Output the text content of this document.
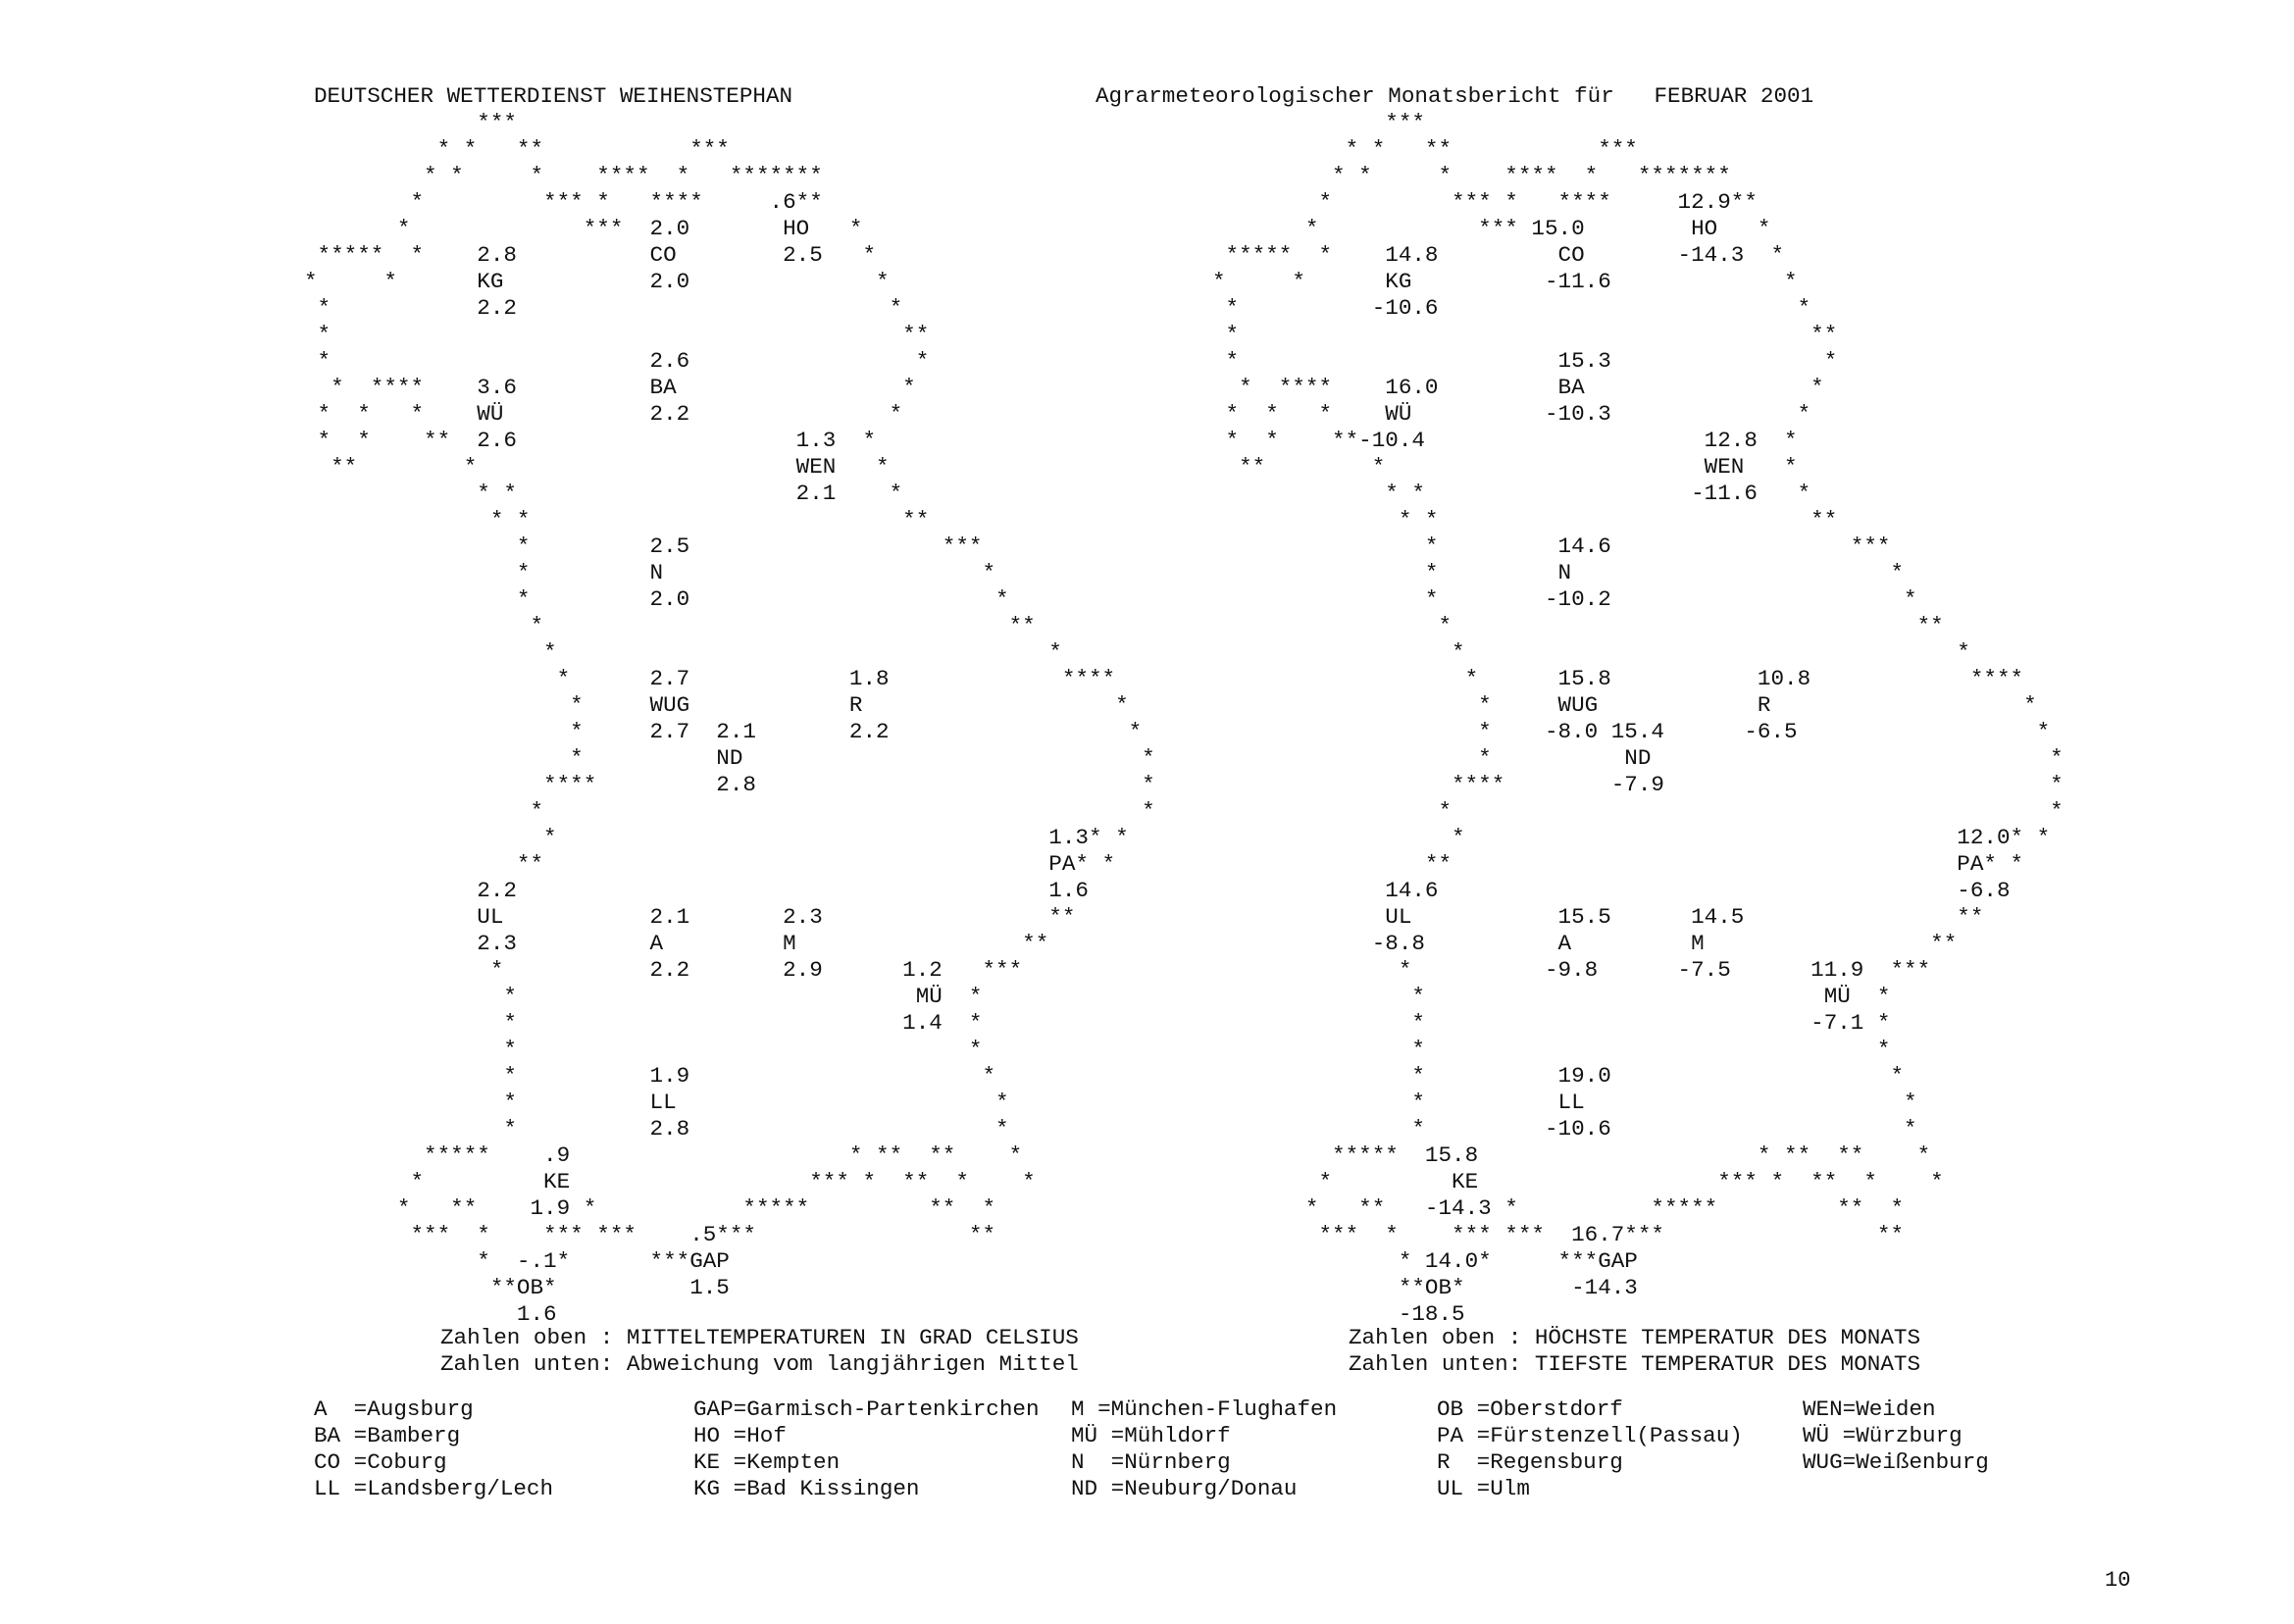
DEUTSCHER WETTERDIENST WEIHENSTEPHAN	Agrarmeteorologischer Monatsbericht für   FEBRUAR 2001
***
* *   **           ***
* *     *    ****  *   *******
*         *** *   ****     .6**
*             ***  2.0       HO   *
*****  *    2.8          CO        2.5   *
*     *      KG           2.0              *
*           2.2                            *
*                                           **
*                        2.6                 *
*  ****    3.6          BA                 *
*  *   *    WÜ           2.2               *
*  *    **  2.6                     1.3  *
**        *                        WEN   *
* *                     2.1    *
* *                            **
*         2.5                   ***
*         N                        *
*         2.0                       *
*                                   **
*                                     *
*      2.7            1.8             ****
*     WUG            R                   *
*     2.7  2.1       2.2                  *
*          ND                              *
****         2.8                             *
*                                             *
*                                     1.3* *
**                                      PA* *
2.2                                        1.6
UL           2.1       2.3                 **
2.3          A         M                 **
*           2.2       2.9      1.2   ***
*                              MÜ  *
*                             1.4  *
*                                  *
*          1.9                      *
*          LL                        *
*          2.8                       *
*****    .9                     * **  **    *
*         KE                  *** *  **  *    *
*   **    1.9 *           *****         **  *
***  *    *** ***    .5***                **
*  -.1*      ***GAP
**OB*          1.5
1.6
***
* *   **           ***
* *     *    ****  *   *******
*         *** *   ****     12.9**
*            *** 15.0        HO   *
*****  *    14.8         CO       -14.3  *
*     *      KG          -11.6             *
*          -10.6                           *
*                                           **
*                        15.3                *
*  ****    16.0         BA                 *
*  *   *    WÜ          -10.3              *
*  *    **-10.4                     12.8  *
**        *                        WEN   *
* *                    -11.6   *
* *                            **
*         14.6                  ***
*         N                        *
*        -10.2                      *
*                                   **
*                                     *
*      15.8           10.8            ****
*     WUG            R                   *
*    -8.0 15.4      -6.5                  *
*          ND                              *
****        -7.9                             *
*                                             *
*                                     12.0* *
**                                      PA* *
14.6                                       -6.8
UL           15.5      14.5                **
-8.8          A         M                 **
*          -9.8      -7.5      11.9  ***
*                              MÜ  *
*                             -7.1 *
*                                  *
*          19.0                     *
*          LL                        *
*         -10.6                      *
*****  15.8                     * **  **    *
*         KE                  *** *  **  *    *
*   **   -14.3 *          *****         **  *
***  *    *** ***  16.7***                **
* 14.0*     ***GAP
**OB*        -14.3
-18.5
Zahlen oben : MITTELTEMPERATUREN IN GRAD CELSIUS
Zahlen unten: Abweichung vom langjährigen Mittel
Zahlen oben : HÖCHSTE TEMPERATUR DES MONATS
Zahlen unten: TIEFSTE TEMPERATUR DES MONATS
A  =Augsburg
BA =Bamberg
CO =Coburg
LL =Landsberg/Lech
GAP=Garmisch-Partenkirchen
HO =Hof
KE =Kempten
KG =Bad Kissingen
M =München-Flughafen
MÜ =Mühldorf
N  =Nürnberg
ND =Neuburg/Donau
OB =Oberstdorf
PA =Fürstenzell(Passau)
R  =Regensburg
UL =Ulm
WEN=Weiden
WÜ =Würzburg
WUG=Weißenburg
10
